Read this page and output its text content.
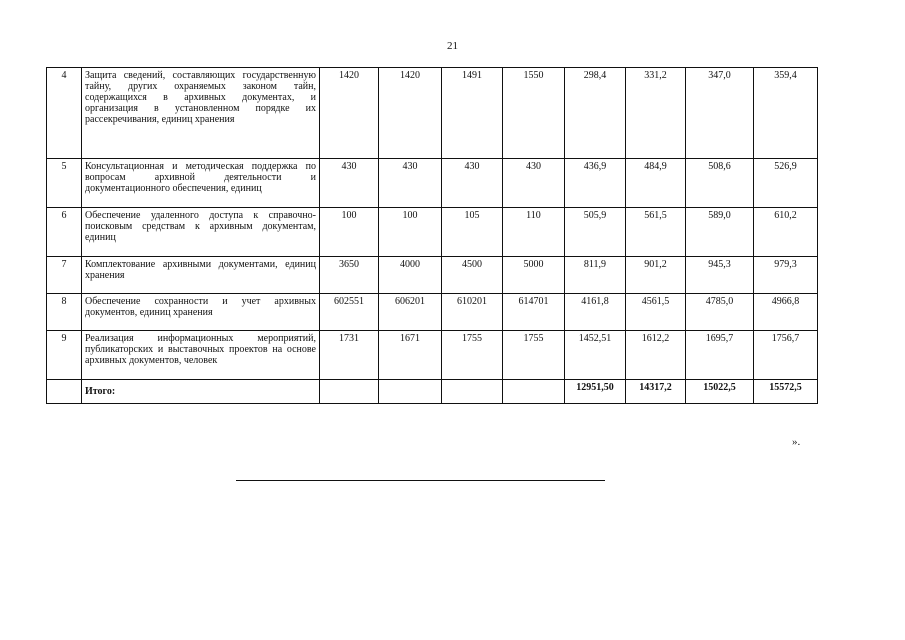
21
4	Защита сведений, составляющих государственную тайну, других охраняемых законом тайн, содержащихся в архивных документах, и организация в установленном порядке их рассекречивания, единиц хранения	1420	1420	1491	1550	298,4	331,2	347,0	359,4
5	Консультационная и методическая поддержка по вопросам архивной деятельности и документационного обеспечения, единиц	430	430	430	430	436,9	484,9	508,6	526,9
6	Обеспечение удаленного доступа к справочно-поисковым средствам к архивным документам, единиц	100	100	105	110	505,9	561,5	589,0	610,2
7	Комплектование архивными документами, единиц хранения	3650	4000	4500	5000	811,9	901,2	945,3	979,3
8	Обеспечение сохранности и учет архивных документов, единиц хранения	602551	606201	610201	614701	4161,8	4561,5	4785,0	4966,8
9	Реализация информационных мероприятий, публикаторских и выставочных проектов на основе архивных документов, человек	1731	1671	1755	1755	1452,51	1612,2	1695,7	1756,7
	Итого:					12951,50	14317,2	15022,5	15572,5
».
